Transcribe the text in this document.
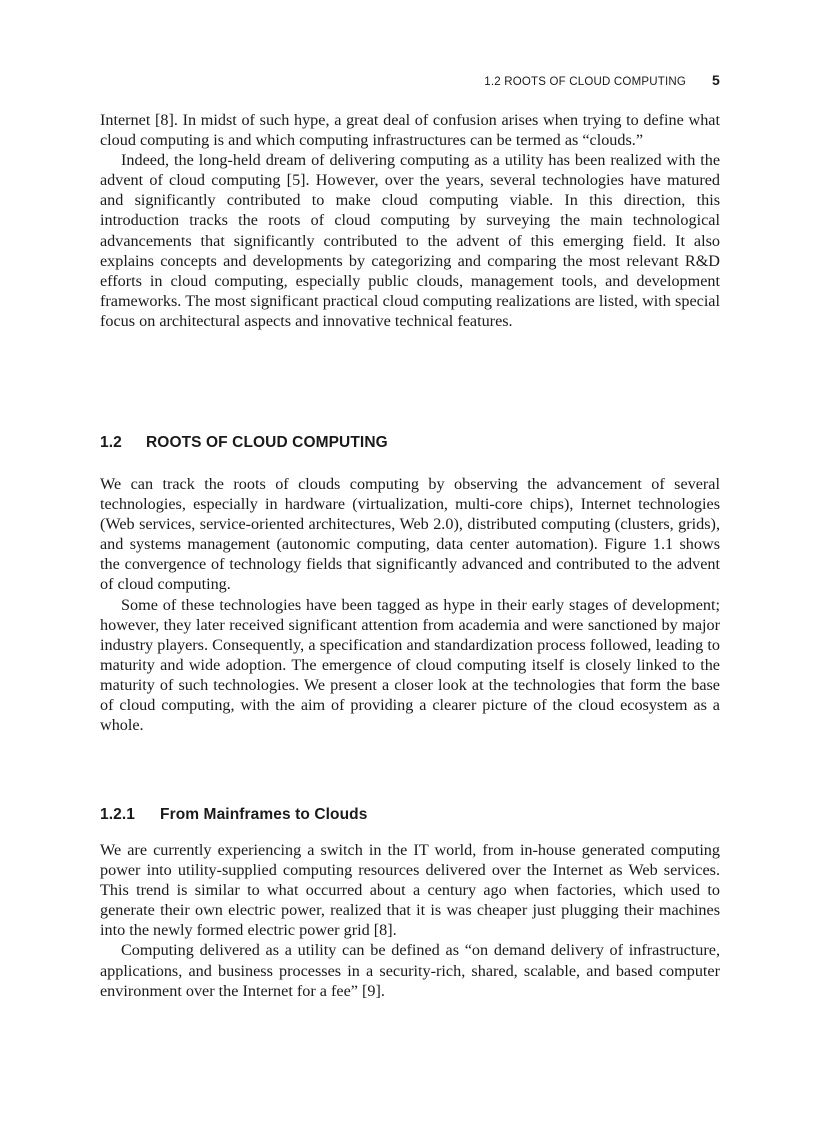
1.2 ROOTS OF CLOUD COMPUTING 5

Internet [8]. In midst of such hype, a great deal of confusion arises when trying to define what cloud computing is and which computing infrastructures can be termed as “clouds.”

Indeed, the long-held dream of delivering computing as a utility has been realized with the advent of cloud computing [5]. However, over the years, several technologies have matured and significantly contributed to make cloud computing viable. In this direction, this introduction tracks the roots of cloud computing by surveying the main technological advancements that significantly contributed to the advent of this emerging field. It also explains concepts and developments by categorizing and comparing the most relevant R&D efforts in cloud computing, especially public clouds, management tools, and development frameworks. The most significant practical cloud computing realizations are listed, with special focus on architectural aspects and innovative technical features.

1.2 ROOTS OF CLOUD COMPUTING

We can track the roots of clouds computing by observing the advancement of several technologies, especially in hardware (virtualization, multi-core chips), Internet technologies (Web services, service-oriented architectures, Web 2.0), distributed computing (clusters, grids), and systems management (autonomic computing, data center automation). Figure 1.1 shows the convergence of technology fields that significantly advanced and contributed to the advent of cloud computing.

Some of these technologies have been tagged as hype in their early stages of development; however, they later received significant attention from academia and were sanctioned by major industry players. Consequently, a specification and standardization process followed, leading to maturity and wide adoption. The emergence of cloud computing itself is closely linked to the maturity of such technologies. We present a closer look at the technologies that form the base of cloud computing, with the aim of providing a clearer picture of the cloud ecosystem as a whole.

1.2.1 From Mainframes to Clouds

We are currently experiencing a switch in the IT world, from in-house generated computing power into utility-supplied computing resources delivered over the Internet as Web services. This trend is similar to what occurred about a century ago when factories, which used to generate their own electric power, realized that it is was cheaper just plugging their machines into the newly formed electric power grid [8].

Computing delivered as a utility can be defined as “on demand delivery of infrastructure, applications, and business processes in a security-rich, shared, scalable, and based computer environment over the Internet for a fee” [9].
